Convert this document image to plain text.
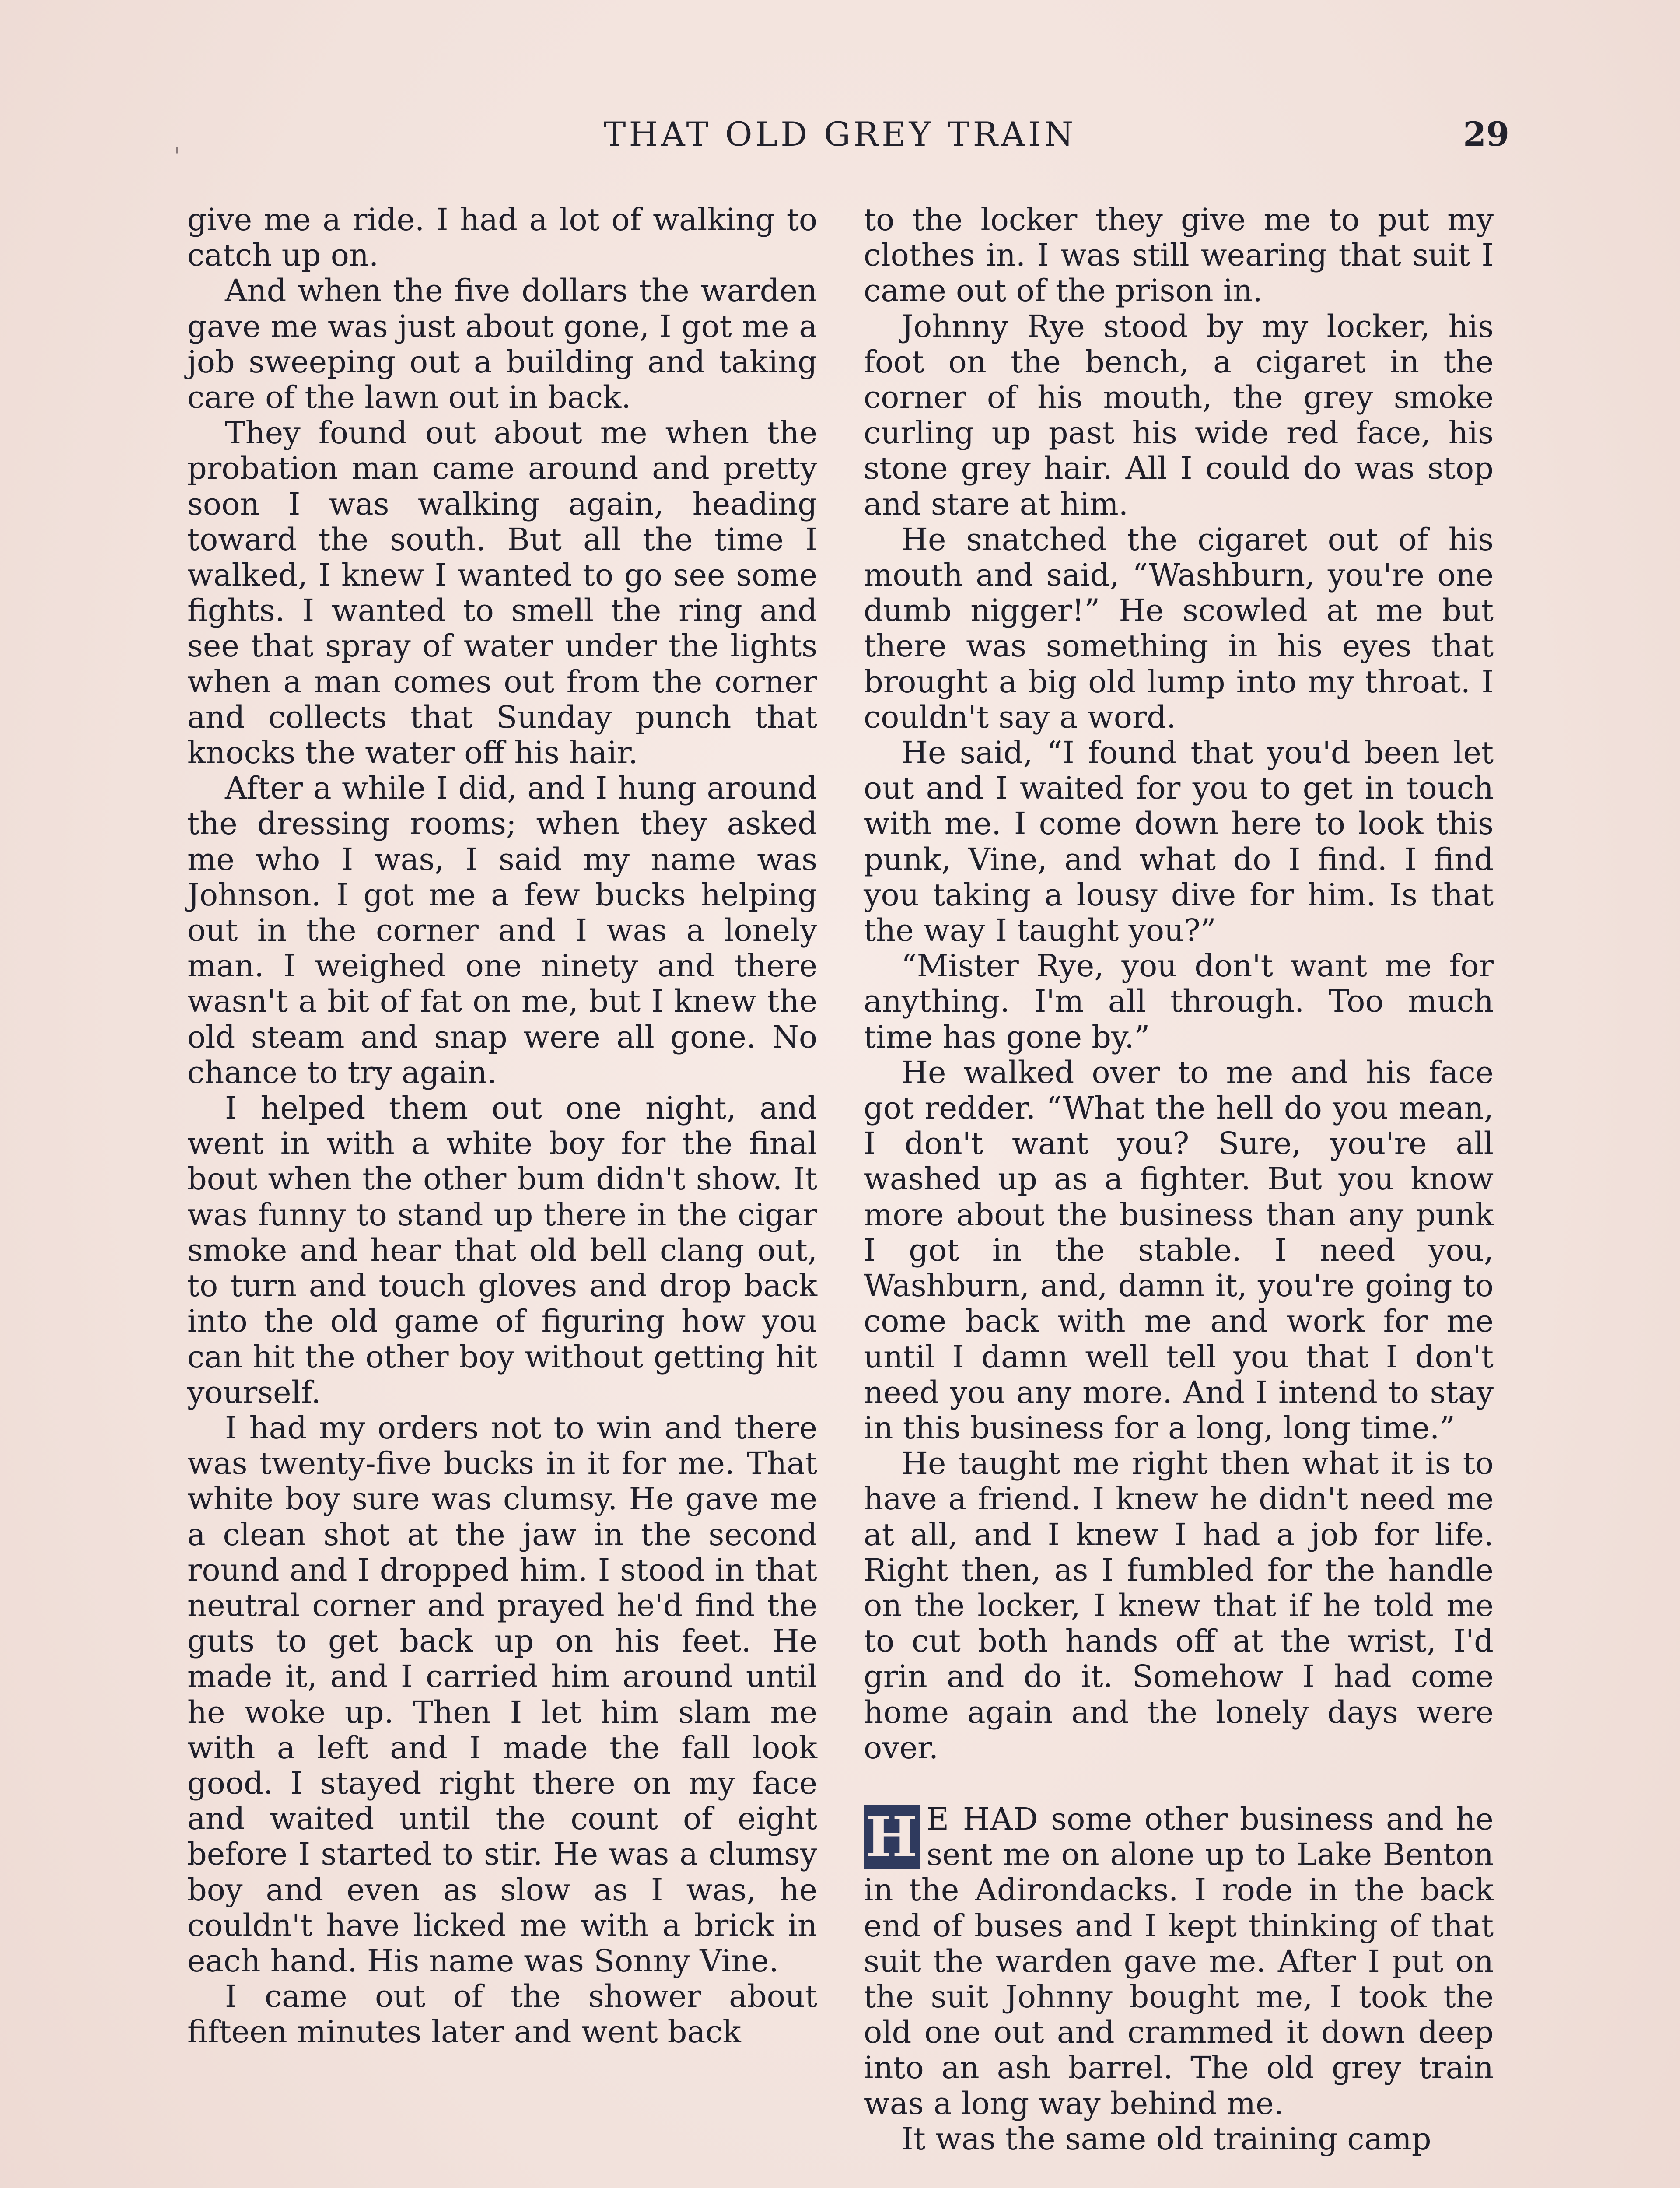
ˌ	THAT OLD GREY TRAIN	29

give me a ride. I had a lot of walking to catch up on.

And when the five dollars the warden gave me was just about gone, I got me a job sweeping out a building and taking care of the lawn out in back.

They found out about me when the probation man came around and pretty soon I was walking again, heading toward the south. But all the time I walked, I knew I wanted to go see some fights. I wanted to smell the ring and see that spray of water under the lights when a man comes out from the corner and collects that Sunday punch that knocks the water off his hair.

After a while I did, and I hung around the dressing rooms; when they asked me who I was, I said my name was Johnson. I got me a few bucks helping out in the corner and I was a lonely man. I weighed one ninety and there wasn't a bit of fat on me, but I knew the old steam and snap were all gone. No chance to try again.

I helped them out one night, and went in with a white boy for the final bout when the other bum didn't show. It was funny to stand up there in the cigar smoke and hear that old bell clang out, to turn and touch gloves and drop back into the old game of figuring how you can hit the other boy without getting hit yourself.

I had my orders not to win and there was twenty-five bucks in it for me. That white boy sure was clumsy. He gave me a clean shot at the jaw in the second round and I dropped him. I stood in that neutral corner and prayed he'd find the guts to get back up on his feet. He made it, and I carried him around until he woke up. Then I let him slam me with a left and I made the fall look good. I stayed right there on my face and waited until the count of eight before I started to stir. He was a clumsy boy and even as slow as I was, he couldn't have licked me with a brick in each hand. His name was Sonny Vine.

I came out of the shower about fifteen minutes later and went back

to the locker they give me to put my clothes in. I was still wearing that suit I came out of the prison in.

Johnny Rye stood by my locker, his foot on the bench, a cigaret in the corner of his mouth, the grey smoke curling up past his wide red face, his stone grey hair. All I could do was stop and stare at him.

He snatched the cigaret out of his mouth and said, “Washburn, you're one dumb nigger!” He scowled at me but there was something in his eyes that brought a big old lump into my throat. I couldn't say a word.

He said, “I found that you'd been let out and I waited for you to get in touch with me. I come down here to look this punk, Vine, and what do I find. I find you taking a lousy dive for him. Is that the way I taught you?”

“Mister Rye, you don't want me for anything. I'm all through. Too much time has gone by.”

He walked over to me and his face got redder. “What the hell do you mean, I don't want you? Sure, you're all washed up as a fighter. But you know more about the business than any punk I got in the stable. I need you, Washburn, and, damn it, you're going to come back with me and work for me until I damn well tell you that I don't need you any more. And I intend to stay in this business for a long, long time.”

He taught me right then what it is to have a friend. I knew he didn't need me at all, and I knew I had a job for life. Right then, as I fumbled for the handle on the locker, I knew that if he told me to cut both hands off at the wrist, I'd grin and do it. Somehow I had come home again and the lonely days were over.

H E HAD some other business and he sent me on alone up to Lake Benton in the Adirondacks. I rode in the back end of buses and I kept thinking of that suit the warden gave me. After I put on the suit Johnny bought me, I took the old one out and crammed it down deep into an ash barrel. The old grey train was a long way behind me.

It was the same old training camp
